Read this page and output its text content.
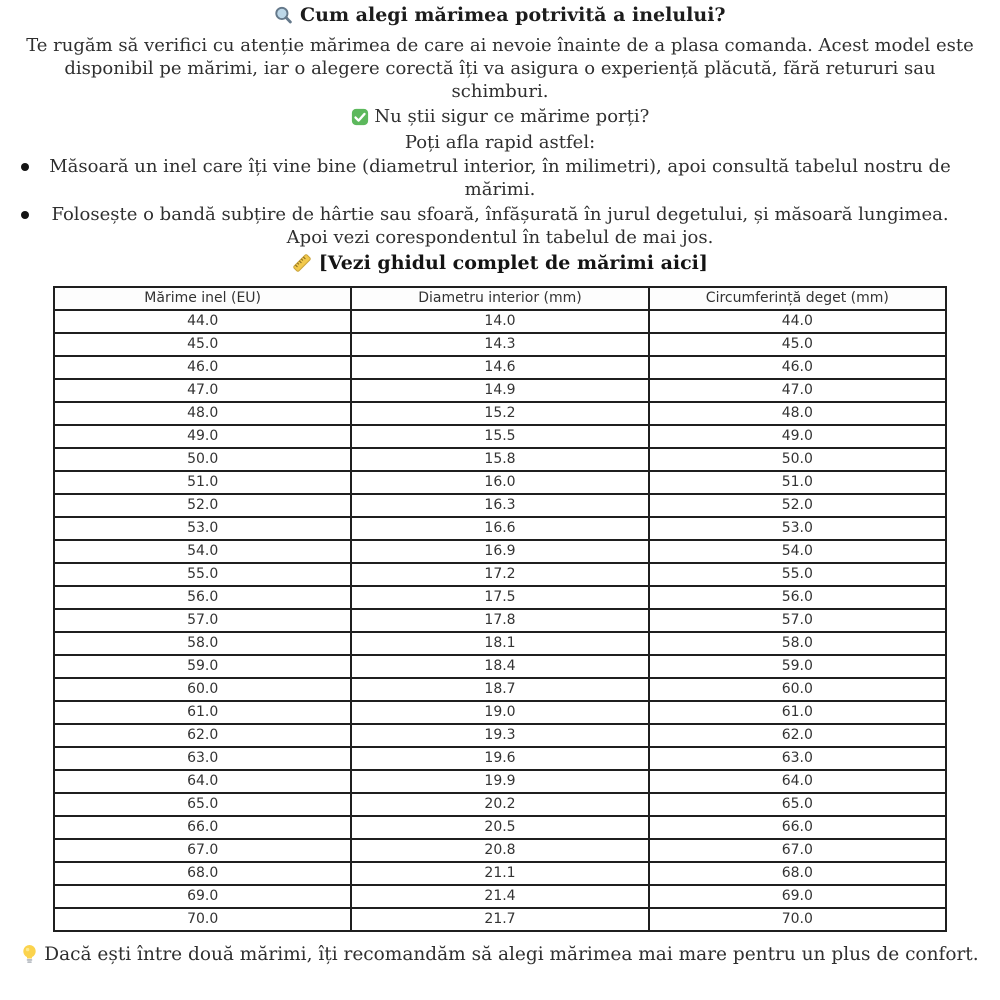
Cum alegi mărimea potrivită a inelului?

Te rugăm să verifici cu atenție mărimea de care ai nevoie înainte de a plasa comanda. Acest model este disponibil pe mărimi, iar o alegere corectă îți va asigura o experiență plăcută, fără retururi sau schimburi.

Nu știi sigur ce mărime porți?
Poți afla rapid astfel:
Măsoară un inel care îți vine bine (diametrul interior, în milimetri), apoi consultă tabelul nostru de mărimi.
Folosește o bandă subțire de hârtie sau sfoară, înfășurată în jurul degetului, și măsoară lungimea. Apoi vezi corespondentul în tabelul de mai jos.
[Vezi ghidul complet de mărimi aici]
Mărime inel (EU)	Diametru interior (mm)	Circumferință deget (mm)
44.0	14.0	44.0
45.0	14.3	45.0
46.0	14.6	46.0
47.0	14.9	47.0
48.0	15.2	48.0
49.0	15.5	49.0
50.0	15.8	50.0
51.0	16.0	51.0
52.0	16.3	52.0
53.0	16.6	53.0
54.0	16.9	54.0
55.0	17.2	55.0
56.0	17.5	56.0
57.0	17.8	57.0
58.0	18.1	58.0
59.0	18.4	59.0
60.0	18.7	60.0
61.0	19.0	61.0
62.0	19.3	62.0
63.0	19.6	63.0
64.0	19.9	64.0
65.0	20.2	65.0
66.0	20.5	66.0
67.0	20.8	67.0
68.0	21.1	68.0
69.0	21.4	69.0
70.0	21.7	70.0
Dacă ești între două mărimi, îți recomandăm să alegi mărimea mai mare pentru un plus de confort.
